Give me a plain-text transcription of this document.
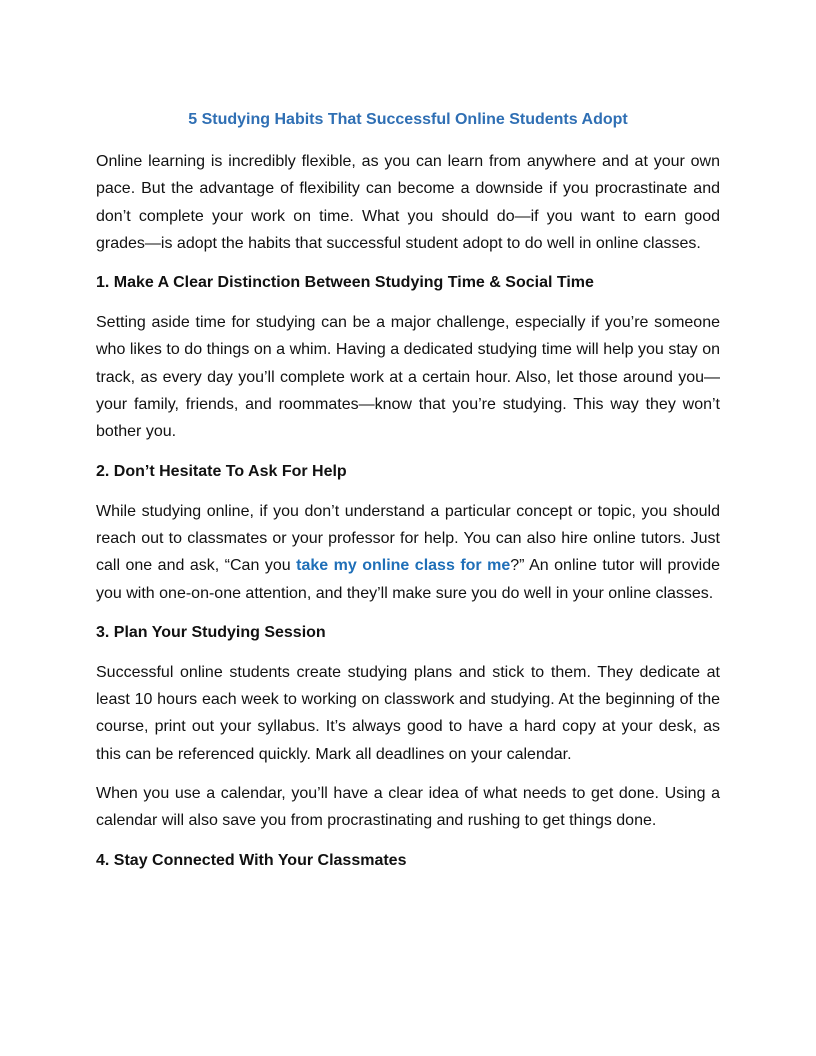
5 Studying Habits That Successful Online Students Adopt

Online learning is incredibly flexible, as you can learn from anywhere and at your own pace. But the advantage of flexibility can become a downside if you procrastinate and don’t complete your work on time. What you should do—if you want to earn good grades—is adopt the habits that successful student adopt to do well in online classes.

1. Make A Clear Distinction Between Studying Time & Social Time

Setting aside time for studying can be a major challenge, especially if you’re someone who likes to do things on a whim. Having a dedicated studying time will help you stay on track, as every day you’ll complete work at a certain hour. Also, let those around you—your family, friends, and roommates—know that you’re studying. This way they won’t bother you.

2. Don’t Hesitate To Ask For Help

While studying online, if you don’t understand a particular concept or topic, you should reach out to classmates or your professor for help. You can also hire online tutors. Just call one and ask, “Can you take my online class for me?” An online tutor will provide you with one-on-one attention, and they’ll make sure you do well in your online classes.

3. Plan Your Studying Session

Successful online students create studying plans and stick to them. They dedicate at least 10 hours each week to working on classwork and studying. At the beginning of the course, print out your syllabus. It’s always good to have a hard copy at your desk, as this can be referenced quickly. Mark all deadlines on your calendar.

When you use a calendar, you’ll have a clear idea of what needs to get done. Using a calendar will also save you from procrastinating and rushing to get things done.

4. Stay Connected With Your Classmates
